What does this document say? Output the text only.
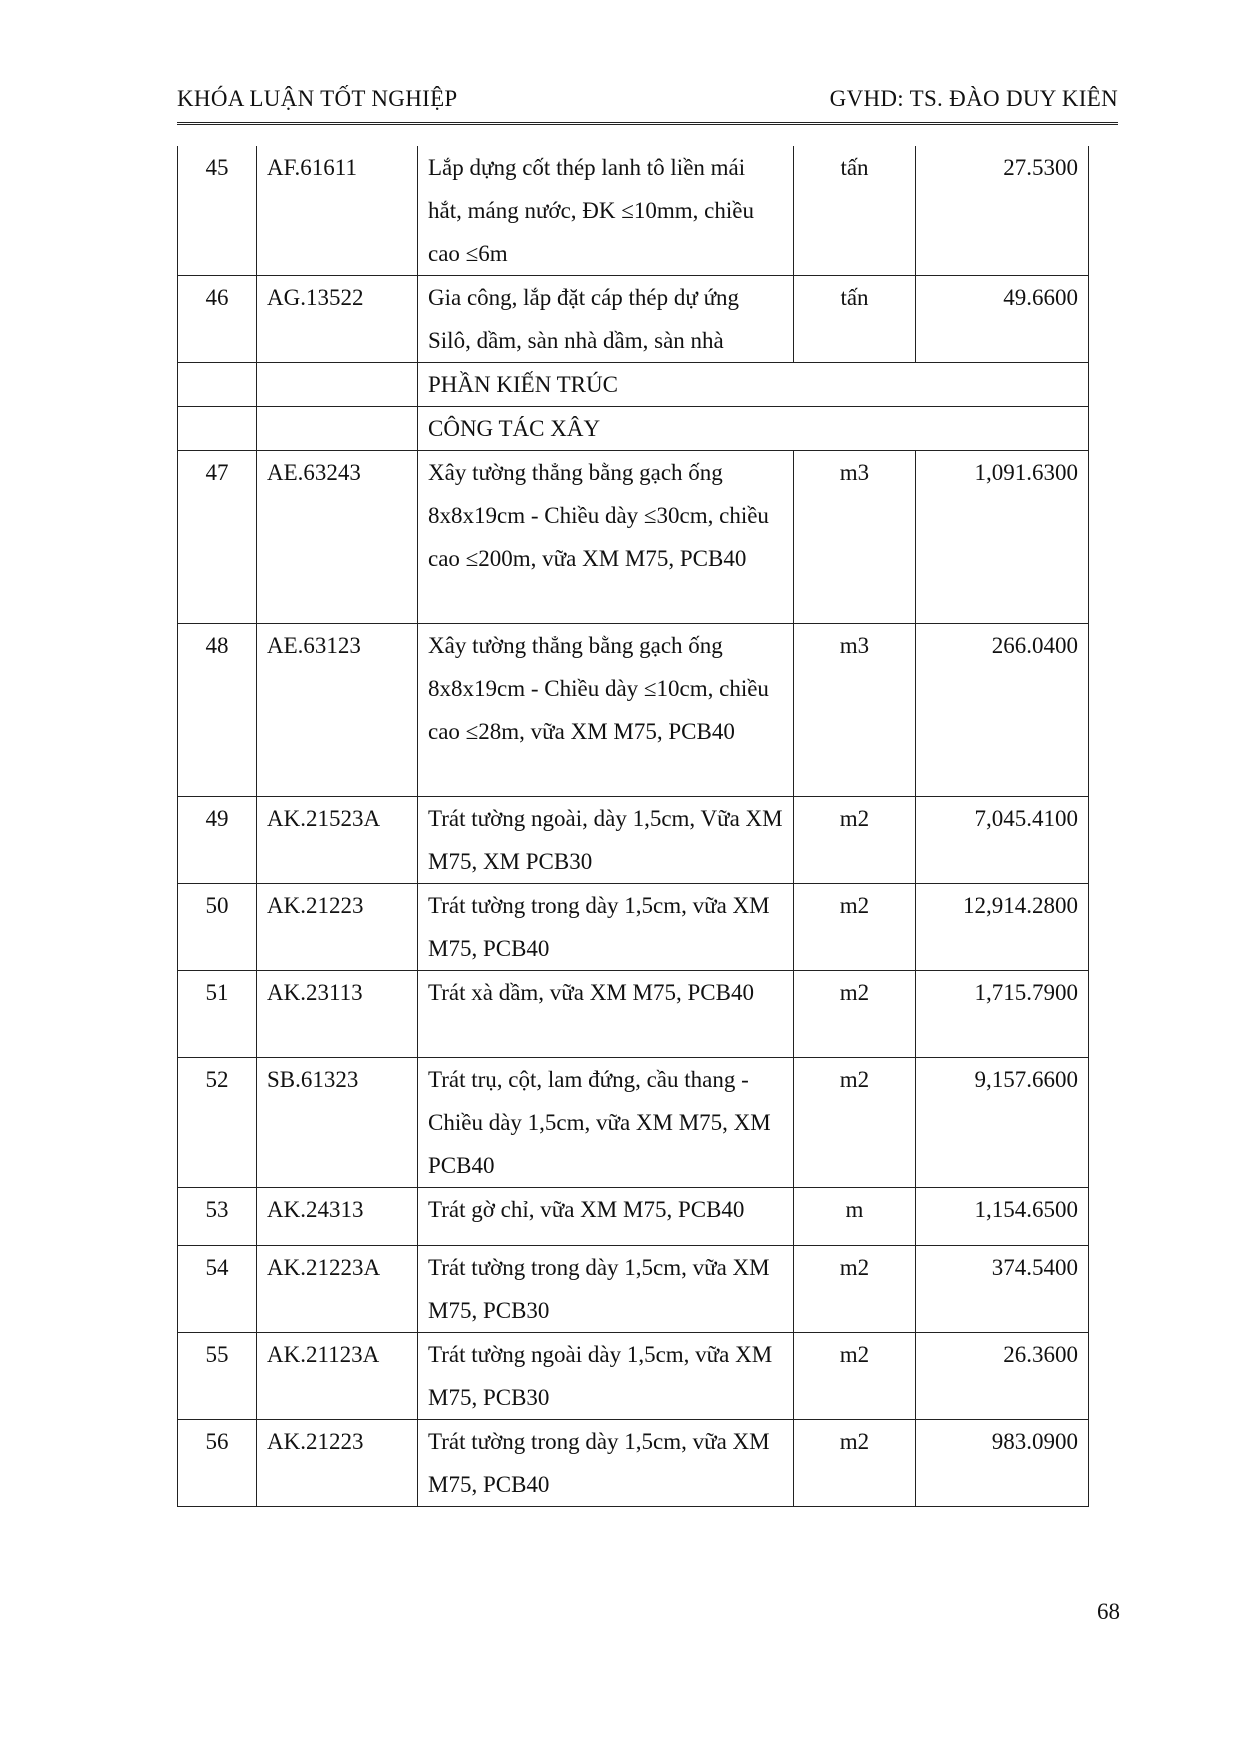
KHÓA LUẬN TỐT NGHIỆP	GVHD: TS. ĐÀO DUY KIÊN
45	AF.61611	Lắp dựng cốt thép lanh tô liền mái hắt, máng nước, ĐK ≤10mm, chiều cao ≤6m	tấn	27.5300
46	AG.13522	Gia công, lắp đặt cáp thép dự ứng Silô, dầm, sàn nhà dầm, sàn nhà	tấn	49.6600
		PHẦN KIẾN TRÚC		
		CÔNG TÁC XÂY		
47	AE.63243	Xây tường thẳng bằng gạch ống 8x8x19cm - Chiều dày ≤30cm, chiều cao ≤200m, vữa XM M75, PCB40	m3	1,091.6300
48	AE.63123	Xây tường thẳng bằng gạch ống 8x8x19cm - Chiều dày ≤10cm, chiều cao ≤28m, vữa XM M75, PCB40	m3	266.0400
49	AK.21523A	Trát tường ngoài, dày 1,5cm, Vữa XM M75, XM PCB30	m2	7,045.4100
50	AK.21223	Trát tường trong dày 1,5cm, vữa XM M75, PCB40	m2	12,914.2800
51	AK.23113	Trát xà dầm, vữa XM M75, PCB40	m2	1,715.7900
52	SB.61323	Trát trụ, cột, lam đứng, cầu thang - Chiều dày 1,5cm, vữa XM M75, XM PCB40	m2	9,157.6600
53	AK.24313	Trát gờ chỉ, vữa XM M75, PCB40	m	1,154.6500
54	AK.21223A	Trát tường trong dày 1,5cm, vữa XM M75, PCB30	m2	374.5400
55	AK.21123A	Trát tường ngoài dày 1,5cm, vữa XM M75, PCB30	m2	26.3600
56	AK.21223	Trát tường trong dày 1,5cm, vữa XM M75, PCB40	m2	983.0900
68
